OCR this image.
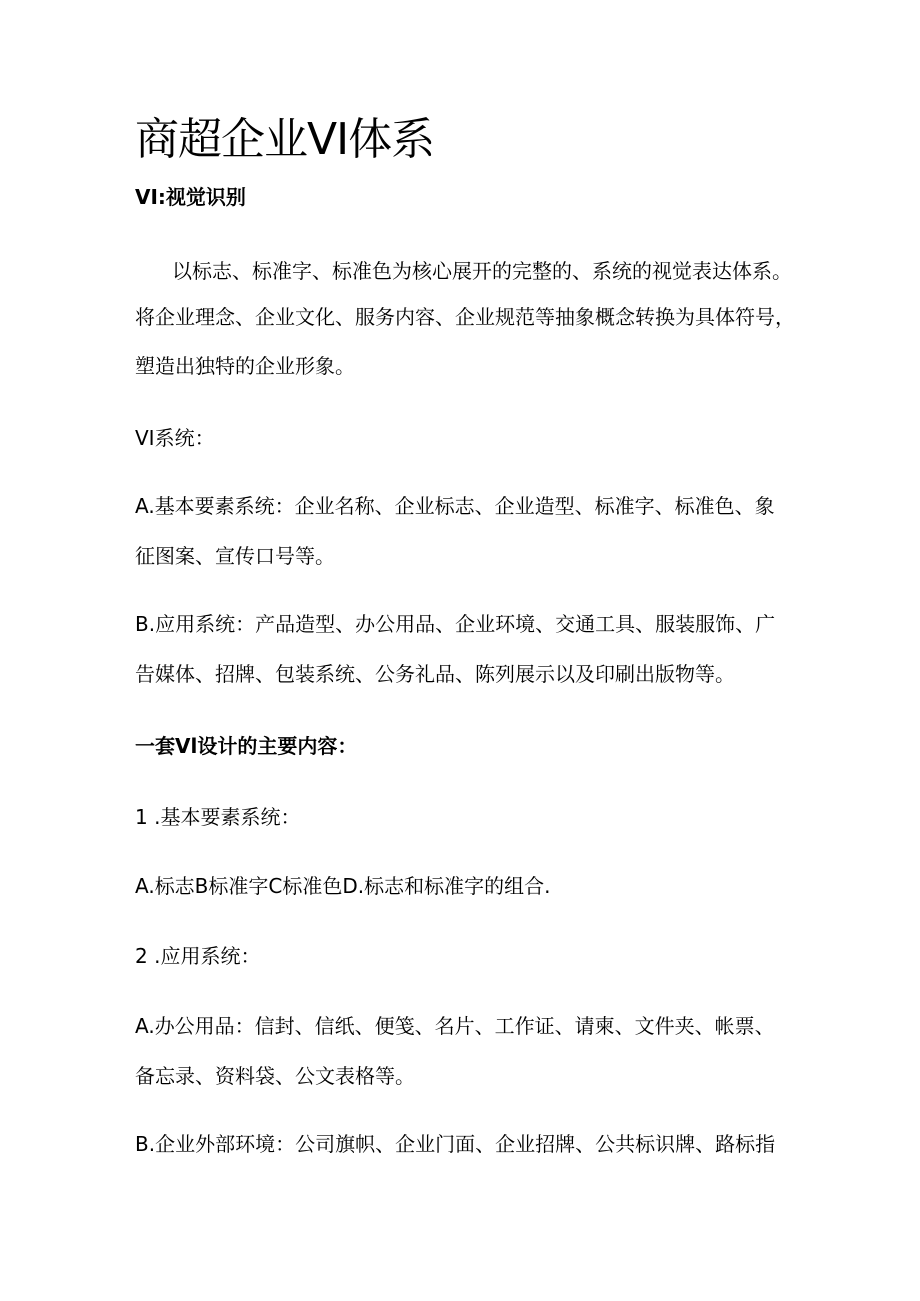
商超企业VI体系
VI:视觉识别
以标志、标准字、标准色为核心展开的完整的、系统的视觉表达体系。
将企业理念、企业文化、服务内容、企业规范等抽象概念转换为具体符号，
塑造出独特的企业形象。
VI系统：
A.基本要素系统：企业名称、企业标志、企业造型、标准字、标准色、象
征图案、宣传口号等。
B.应用系统：产品造型、办公用品、企业环境、交通工具、服装服饰、广
告媒体、招牌、包装系统、公务礼品、陈列展示以及印刷出版物等。
一套Vl设计的主要内容：
1 .基本要素系统：
A.标志B标准字C标准色D.标志和标准字的组合.
2 .应用系统：
A.办公用品：信封、信纸、便笺、名片、工作证、请柬、文件夹、帐票、
备忘录、资料袋、公文表格等。
B.企业外部环境：公司旗帜、企业门面、企业招牌、公共标识牌、路标指
